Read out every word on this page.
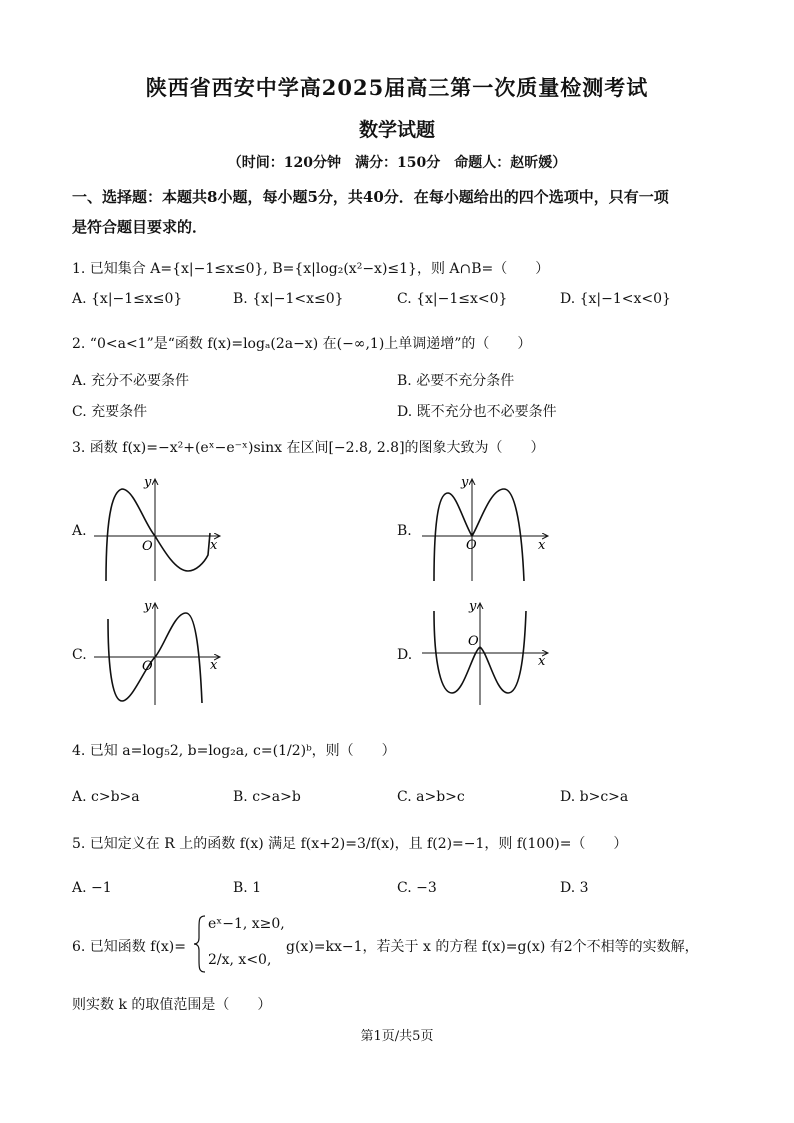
陕西省西安中学高2025届高三第一次质量检测考试
数学试题
（时间：120分钟　满分：150分　命题人：赵昕媛）
一、选择题：本题共8小题，每小题5分，共40分．在每小题给出的四个选项中，只有一项
是符合题目要求的．
1. 已知集合 A={x|−1≤x≤0}, B={x|log₂(x²−x)≤1}，则 A∩B=（　　）
A. {x|−1≤x≤0}	B. {x|−1<x≤0}	C. {x|−1≤x<0}	D. {x|−1<x<0}
2. “0<a<1”是“函数 f(x)=logₐ(2a−x) 在(−∞,1)上单调递增”的（　　）
A. 充分不必要条件	B. 必要不充分条件
C. 充要条件	D. 既不充分也不必要条件
3. 函数 f(x)=−x²+(eˣ−e⁻ˣ)sinx 在区间[−2.8, 2.8]的图象大致为（　　）
A.
x
y
O
B.
x
y
O
C.
x
y
O
D.	x
y
O
4. 已知 a=log₅2, b=log₂a, c=(1/2)ᵇ，则（　　）
A. c>b>a	B. c>a>b	C. a>b>c	D. b>c>a
5. 已知定义在 R 上的函数 f(x) 满足 f(x+2)=3/f(x)，且 f(2)=−1，则 f(100)=（　　）
A. −1	B. 1	C. −3	D. 3
6. 已知函数 f(x)=
eˣ−1, x≥0,
2/x, x<0,
g(x)=kx−1，若关于 x 的方程 f(x)=g(x) 有2个不相等的实数解，
则实数 k 的取值范围是（　　）
第1页/共5页
